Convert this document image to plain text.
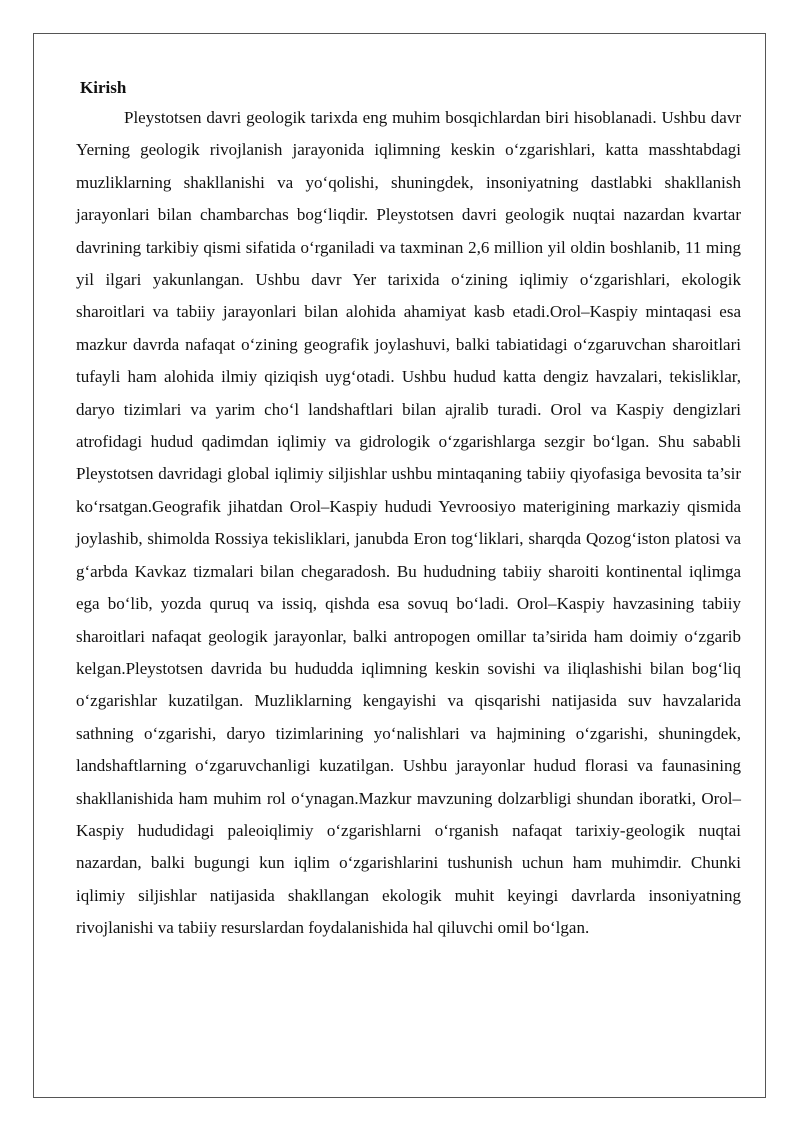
Kirish

Pleystotsen davri geologik tarixda eng muhim bosqichlardan biri hisoblanadi. Ushbu davr Yerning geologik rivojlanish jarayonida iqlimning keskin o‘zgarishlari, katta masshtabdagi muzliklarning shakllanishi va yo‘qolishi, shuningdek, insoniyatning dastlabki shakllanish jarayonlari bilan chambarchas bog‘liqdir. Pleystotsen davri geologik nuqtai nazardan kvartar davrining tarkibiy qismi sifatida o‘rganiladi va taxminan 2,6 million yil oldin boshlanib, 11 ming yil ilgari yakunlangan. Ushbu davr Yer tarixida o‘zining iqlimiy o‘zgarishlari, ekologik sharoitlari va tabiiy jarayonlari bilan alohida ahamiyat kasb etadi.Orol–Kaspiy mintaqasi esa mazkur davrda nafaqat o‘zining geografik joylashuvi, balki tabiatidagi o‘zgaruvchan sharoitlari tufayli ham alohida ilmiy qiziqish uyg‘otadi. Ushbu hudud katta dengiz havzalari, tekisliklar, daryo tizimlari va yarim cho‘l landshaftlari bilan ajralib turadi. Orol va Kaspiy dengizlari atrofidagi hudud qadimdan iqlimiy va gidrologik o‘zgarishlarga sezgir bo‘lgan. Shu sababli Pleystotsen davridagi global iqlimiy siljishlar ushbu mintaqaning tabiiy qiyofasiga bevosita ta’sir ko‘rsatgan.Geografik jihatdan Orol–Kaspiy hududi Yevroosiyo materigining markaziy qismida joylashib, shimolda Rossiya tekisliklari, janubda Eron tog‘liklari, sharqda Qozog‘iston platosi va g‘arbda Kavkaz tizmalari bilan chegaradosh. Bu hududning tabiiy sharoiti kontinental iqlimga ega bo‘lib, yozda quruq va issiq, qishda esa sovuq bo‘ladi. Orol–Kaspiy havzasining tabiiy sharoitlari nafaqat geologik jarayonlar, balki antropogen omillar ta’sirida ham doimiy o‘zgarib kelgan.Pleystotsen davrida bu hududda iqlimning keskin sovishi va iliqlashishi bilan bog‘liq o‘zgarishlar kuzatilgan. Muzliklarning kengayishi va qisqarishi natijasida suv havzalarida sathning o‘zgarishi, daryo tizimlarining yo‘nalishlari va hajmining o‘zgarishi, shuningdek, landshaftlarning o‘zgaruvchanligi kuzatilgan. Ushbu jarayonlar hudud florasi va faunasining shakllanishida ham muhim rol o‘ynagan.Mazkur mavzuning dolzarbligi shundan iboratki, Orol–Kaspiy hududidagi paleoiqlimiy o‘zgarishlarni o‘rganish nafaqat tarixiy-geologik nuqtai nazardan, balki bugungi kun iqlim o‘zgarishlarini tushunish uchun ham muhimdir. Chunki iqlimiy siljishlar natijasida shakllangan ekologik muhit keyingi davrlarda insoniyatning rivojlanishi va tabiiy resurslardan foydalanishida hal qiluvchi omil bo‘lgan.
